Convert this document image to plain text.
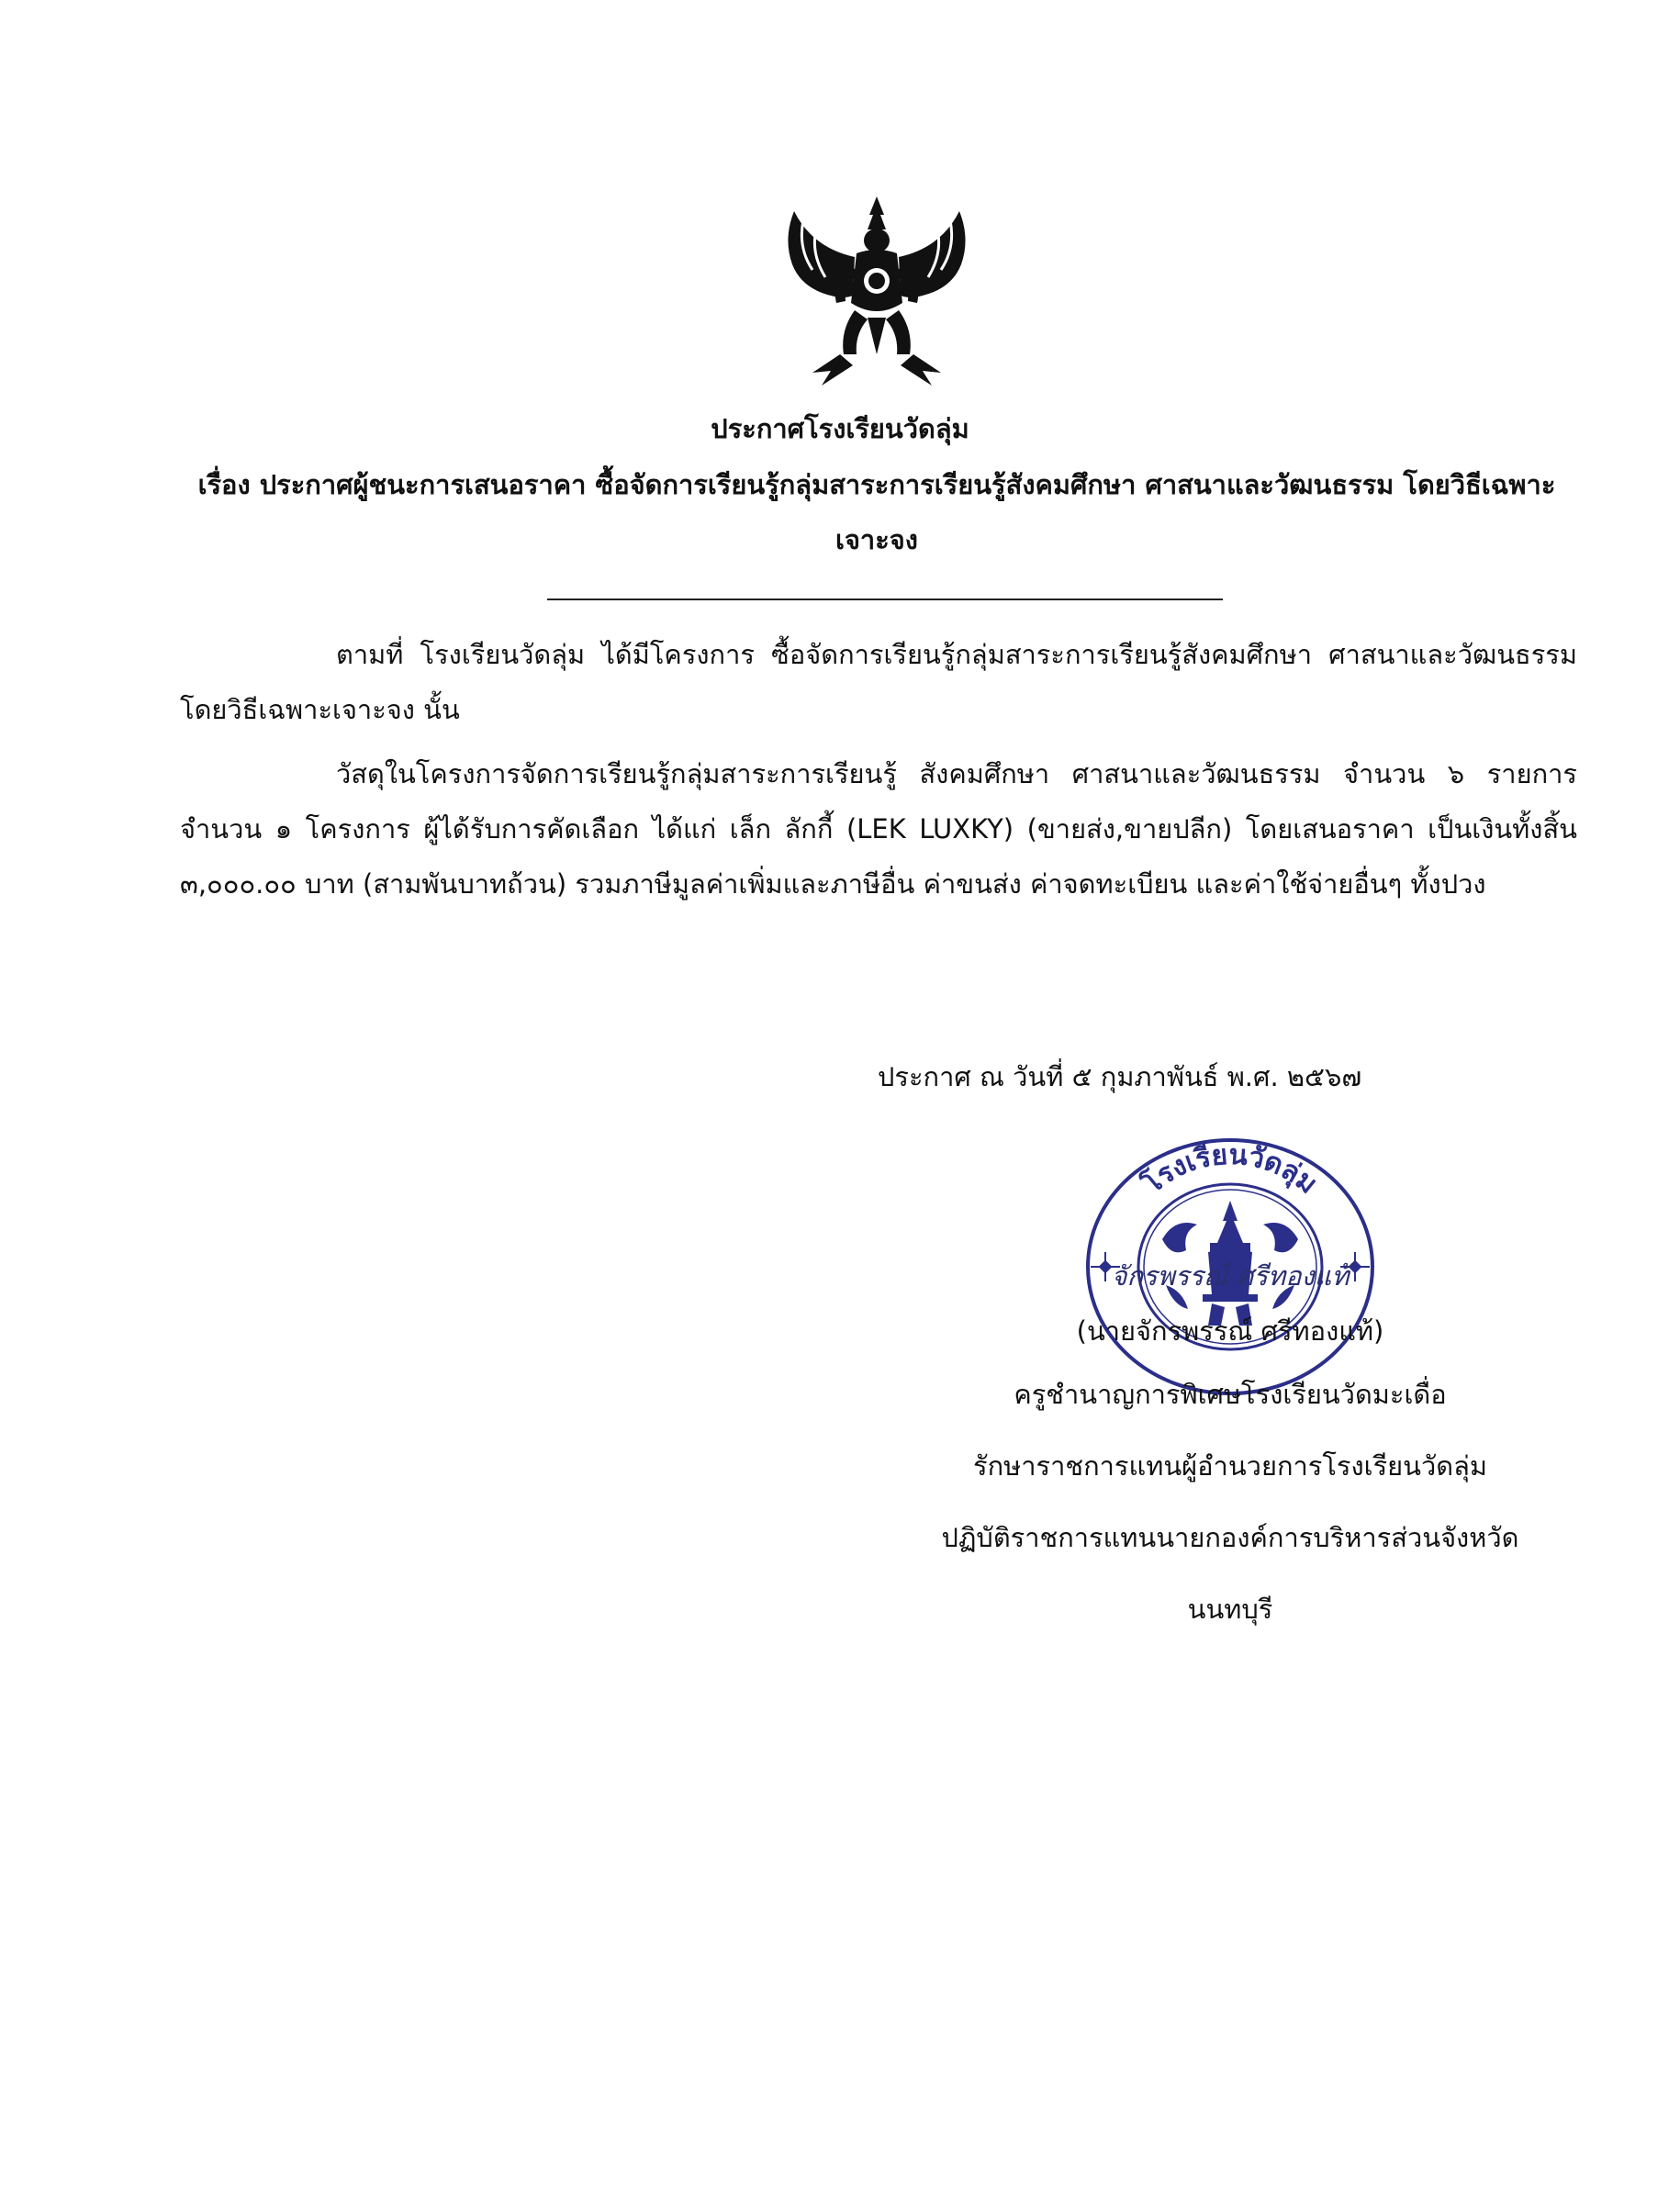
ประกาศโรงเรียนวัดลุ่ม
เรื่อง ประกาศผู้ชนะการเสนอราคา ซื้อจัดการเรียนรู้กลุ่มสาระการเรียนรู้สังคมศึกษา ศาสนาและวัฒนธรรม โดยวิธีเฉพาะเจาะจง
ตามที่ โรงเรียนวัดลุ่ม ได้มีโครงการ ซื้อจัดการเรียนรู้กลุ่มสาระการเรียนรู้สังคมศึกษา ศาสนาและวัฒนธรรม โดยวิธีเฉพาะเจาะจง นั้น
วัสดุในโครงการจัดการเรียนรู้กลุ่มสาระการเรียนรู้ สังคมศึกษา ศาสนาและวัฒนธรรม จำนวน ๖ รายการ จำนวน ๑ โครงการ ผู้ได้รับการคัดเลือก ได้แก่ เล็ก ลักกี้ (LEK LUXKY) (ขายส่ง,ขายปลีก) โดยเสนอราคา เป็นเงินทั้งสิ้น ๓,๐๐๐.๐๐ บาท (สามพันบาทถ้วน) รวมภาษีมูลค่าเพิ่มและภาษีอื่น ค่าขนส่ง ค่าจดทะเบียน และค่าใช้จ่ายอื่นๆ ทั้งปวง
ประกาศ ณ วันที่ ๕ กุมภาพันธ์ พ.ศ. ๒๕๖๗
โรงเรียนวัดลุ่ม
จักรพรรณ์ ศรีทองแท้
(นายจักรพรรณ์ ศรีทองแท้)
ครูชำนาญการพิเศษโรงเรียนวัดมะเดื่อ
รักษาราชการแทนผู้อำนวยการโรงเรียนวัดลุ่ม
ปฏิบัติราชการแทนนายกองค์การบริหารส่วนจังหวัด
นนทบุรี
